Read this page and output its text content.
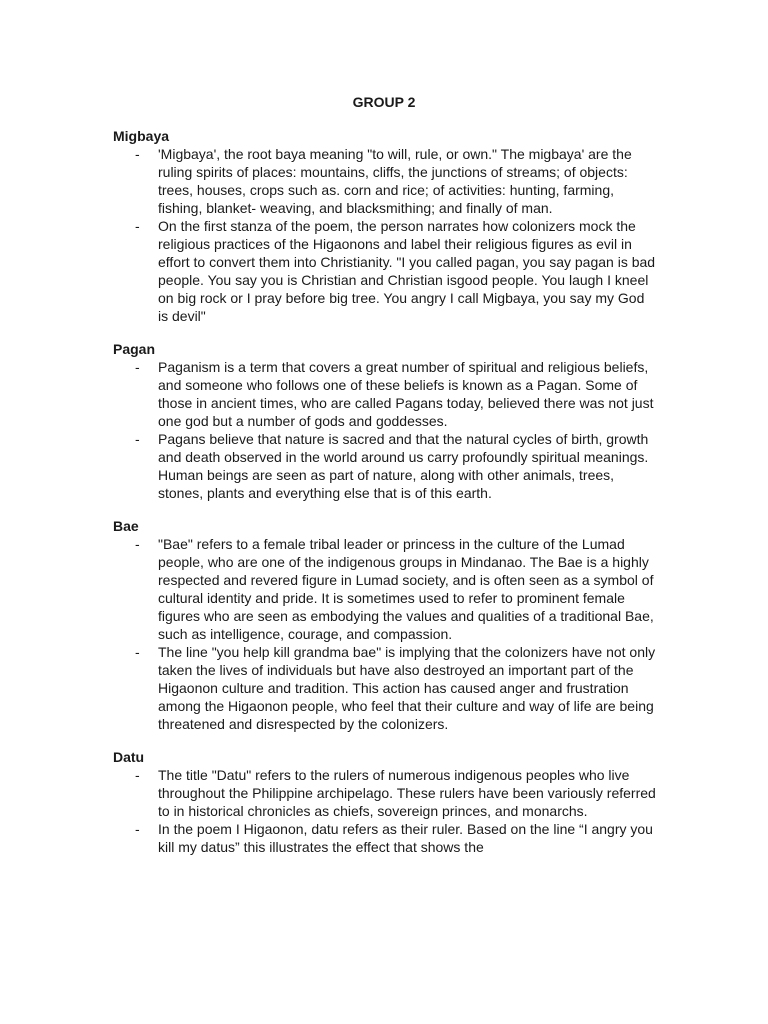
GROUP 2
Migbaya
- 'Migbaya', the root baya meaning "to will, rule, or own." The migbaya' are the ruling spirits of places: mountains, cliffs, the junctions of streams; of objects: trees, houses, crops such as. corn and rice; of activities: hunting, farming, fishing, blanket- weaving, and blacksmithing; and finally of man.
- On the first stanza of the poem, the person narrates how colonizers mock the religious practices of the Higaonons and label their religious figures as evil in effort to convert them into Christianity. "I you called pagan, you say pagan is bad people. You say you is Christian and Christian isgood people. You laugh I kneel on big rock or I pray before big tree. You angry I call Migbaya, you say my God is devil"
Pagan
- Paganism is a term that covers a great number of spiritual and religious beliefs, and someone who follows one of these beliefs is known as a Pagan. Some of those in ancient times, who are called Pagans today, believed there was not just one god but a number of gods and goddesses.
- Pagans believe that nature is sacred and that the natural cycles of birth, growth and death observed in the world around us carry profoundly spiritual meanings. Human beings are seen as part of nature, along with other animals, trees, stones, plants and everything else that is of this earth.
Bae
- "Bae" refers to a female tribal leader or princess in the culture of the Lumad people, who are one of the indigenous groups in Mindanao. The Bae is a highly respected and revered figure in Lumad society, and is often seen as a symbol of cultural identity and pride. It is sometimes used to refer to prominent female figures who are seen as embodying the values and qualities of a traditional Bae, such as intelligence, courage, and compassion.
- The line "you help kill grandma bae" is implying that the colonizers have not only taken the lives of individuals but have also destroyed an important part of the Higaonon culture and tradition. This action has caused anger and frustration among the Higaonon people, who feel that their culture and way of life are being threatened and disrespected by the colonizers.
Datu
- The title "Datu" refers to the rulers of numerous indigenous peoples who live throughout the Philippine archipelago. These rulers have been variously referred to in historical chronicles as chiefs, sovereign princes, and monarchs.
- In the poem I Higaonon, datu refers as their ruler. Based on the line “I angry you kill my datus” this illustrates the effect that shows the
